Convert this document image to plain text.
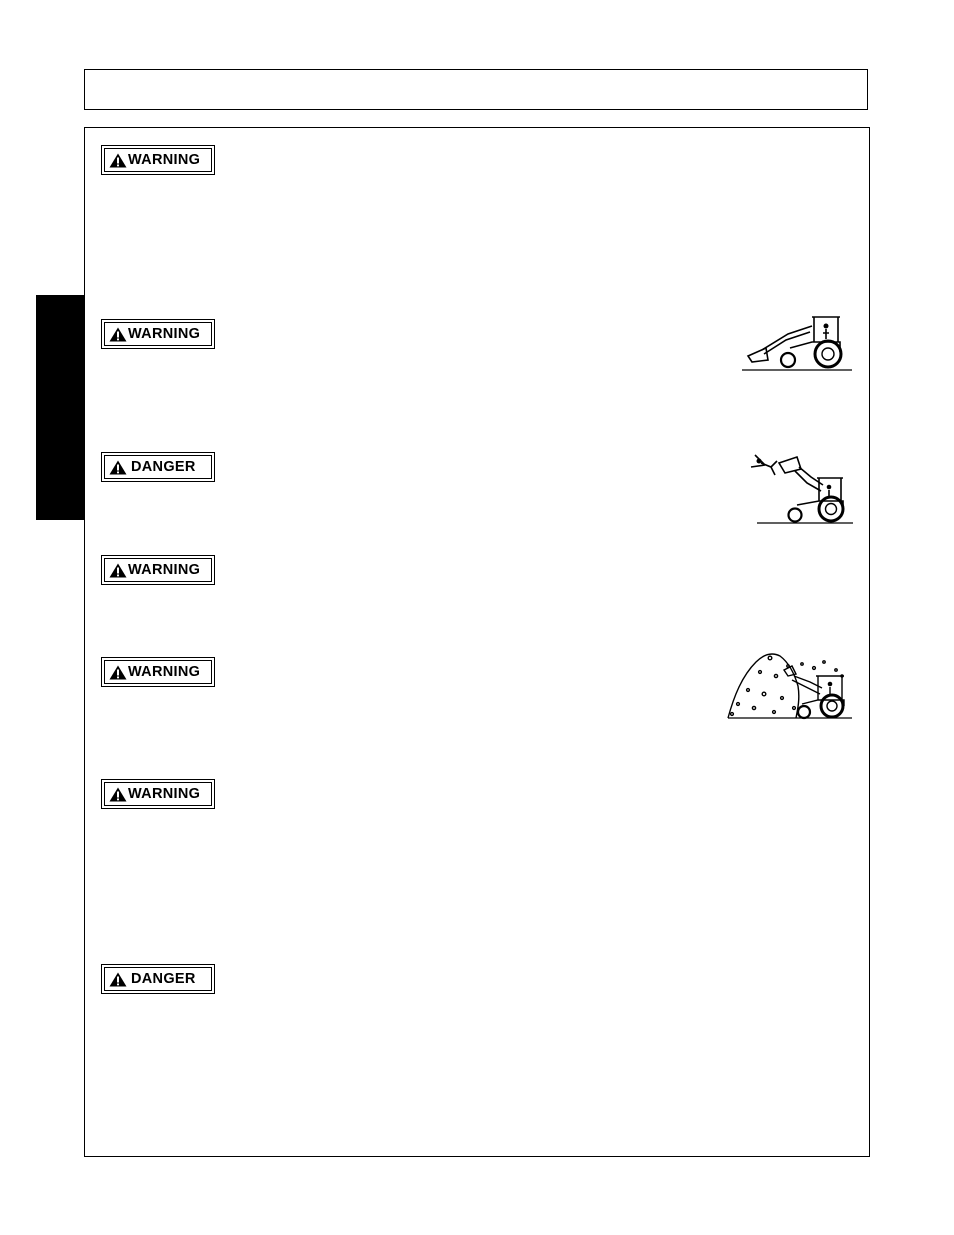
WARNING
WARNING
DANGER
WARNING
WARNING
WARNING
DANGER
